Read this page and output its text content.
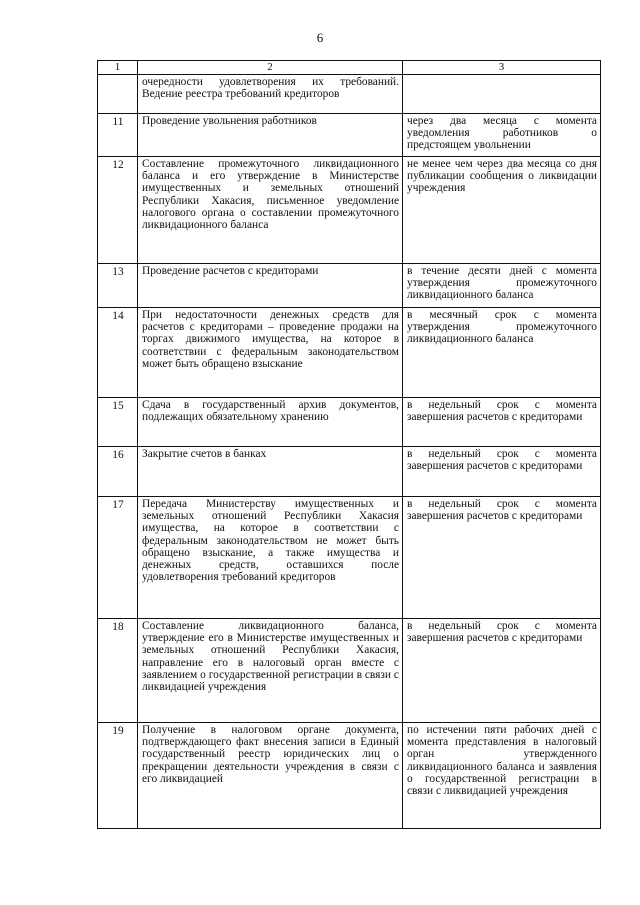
6
1	2	3
	очередности удовлетворения их требований. Ведение реестра требований кредиторов	
11	Проведение увольнения работников	через два месяца с момента уведомления работников о предстоящем увольнении
12	Составление промежуточного ликвидационного баланса и его утверждение в Министерстве имущественных и земельных отношений Республики Хакасия, письменное уведомление налогового органа о составлении промежуточного ликвидационного баланса	не менее чем через два месяца со дня публикации сообщения о ликвидации учреждения
13	Проведение расчетов с кредиторами	в течение десяти дней с момента утверждения промежуточного ликвидационного баланса
14	При недостаточности денежных средств для расчетов с кредиторами – проведение продажи на торгах движимого имущества, на которое в соответствии с федеральным законодательством может быть обращено взыскание	в месячный срок с момента утверждения промежуточного ликвидационного баланса
15	Сдача в государственный архив документов, подлежащих обязательному хранению	в недельный срок с момента завершения расчетов с кредиторами
16	Закрытие счетов в банках	в недельный срок с момента завершения расчетов с кредиторами
17	Передача Министерству имущественных и земельных отношений Республики Хакасия имущества, на которое в соответствии с федеральным законодательством не может быть обращено взыскание, а также имущества и денежных средств, оставшихся после удовлетворения требований кредиторов	в недельный срок с момента завершения расчетов с кредиторами
18	Составление ликвидационного баланса, утверждение его в Министерстве имущественных и земельных отношений Республики Хакасия, направление его в налоговый орган вместе с заявлением о государственной регистрации в связи с ликвидацией учреждения	в недельный срок с момента завершения расчетов с кредиторами
19	Получение в налоговом органе документа, подтверждающего факт внесения записи в Единый государственный реестр юридических лиц о прекращении деятельности учреждения в связи с его ликвидацией	по истечении пяти рабочих дней с момента представления в налоговый орган утвержденного ликвидационного баланса и заявления о государственной регистрации в связи с ликвидацией учреждения
